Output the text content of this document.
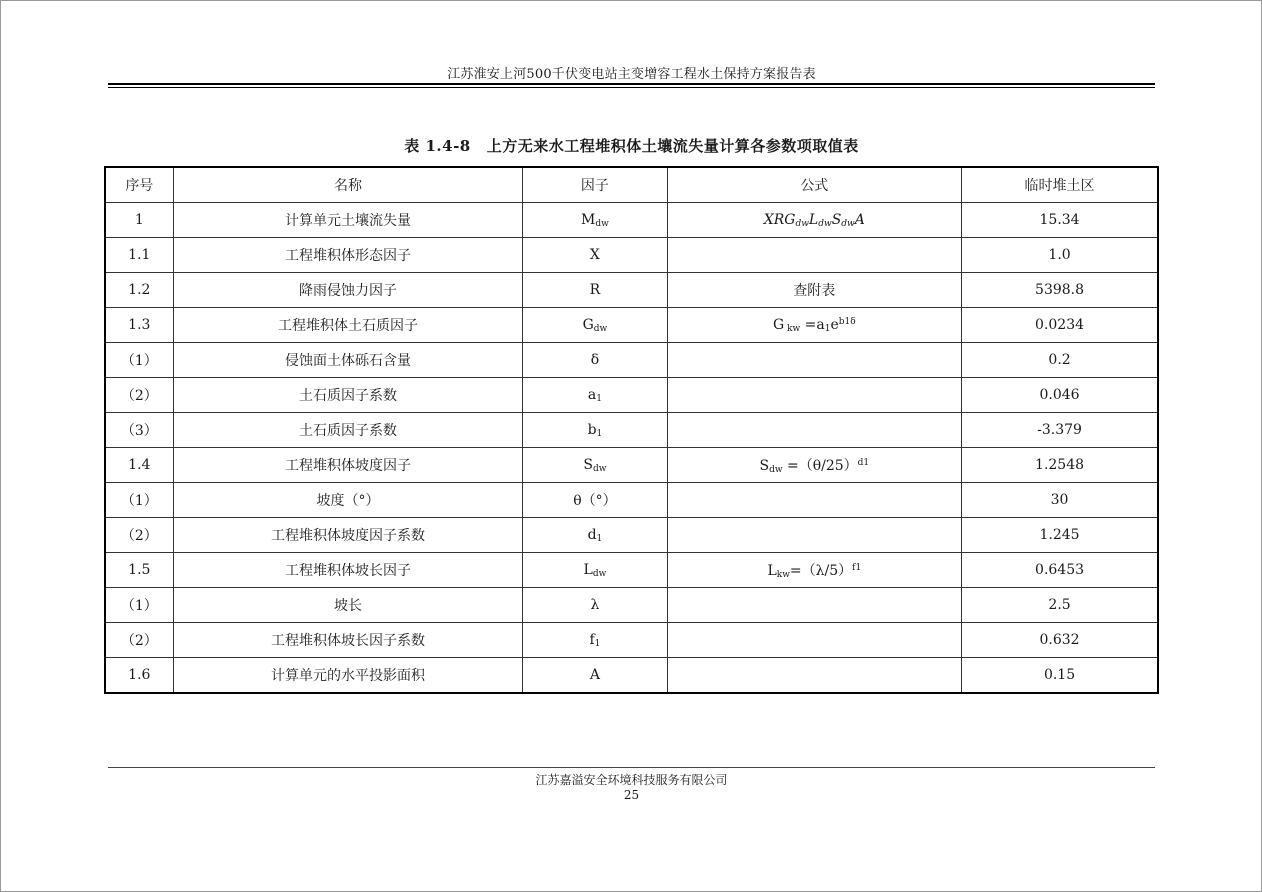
江苏淮安上河500千伏变电站主变增容工程水土保持方案报告表
表 1.4-8 上方无来水工程堆积体土壤流失量计算各参数项取值表
序号	名称	因子	公式	临时堆土区
1	计算单元土壤流失量	$M_{dw}$	$XRG_{dw}L_{dw}S_{dw}A$	15.34
1.1	工程堆积体形态因子	X		1.0
1.2	降雨侵蚀力因子	R	查附表	5398.8
1.3	工程堆积体土石质因子	$G_{dw}$	G $_{kw} =a_1e^{b1\delta}$	0.0234
（1）	侵蚀面土体砾石含量	δ		0.2
（2）	土石质因子系数	$a_1$		0.046
（3）	土石质因子系数	$b_1$		-3.379
1.4	工程堆积体坡度因子	$S_{dw}$	$S_{dw} =(\theta/25)^{d1}$	1.2548
（1）	坡度（°）	θ（°）		30
（2）	工程堆积体坡度因子系数	$d_1$		1.245
1.5	工程堆积体坡长因子	$L_{dw}$	$L_{kw}=(\lambda/5)^{f1}$	0.6453
（1）	坡长	λ		2.5
（2）	工程堆积体坡长因子系数	$f_1$		0.632
1.6	计算单元的水平投影面积	A		0.15
江苏嘉溢安全环境科技服务有限公司
25
